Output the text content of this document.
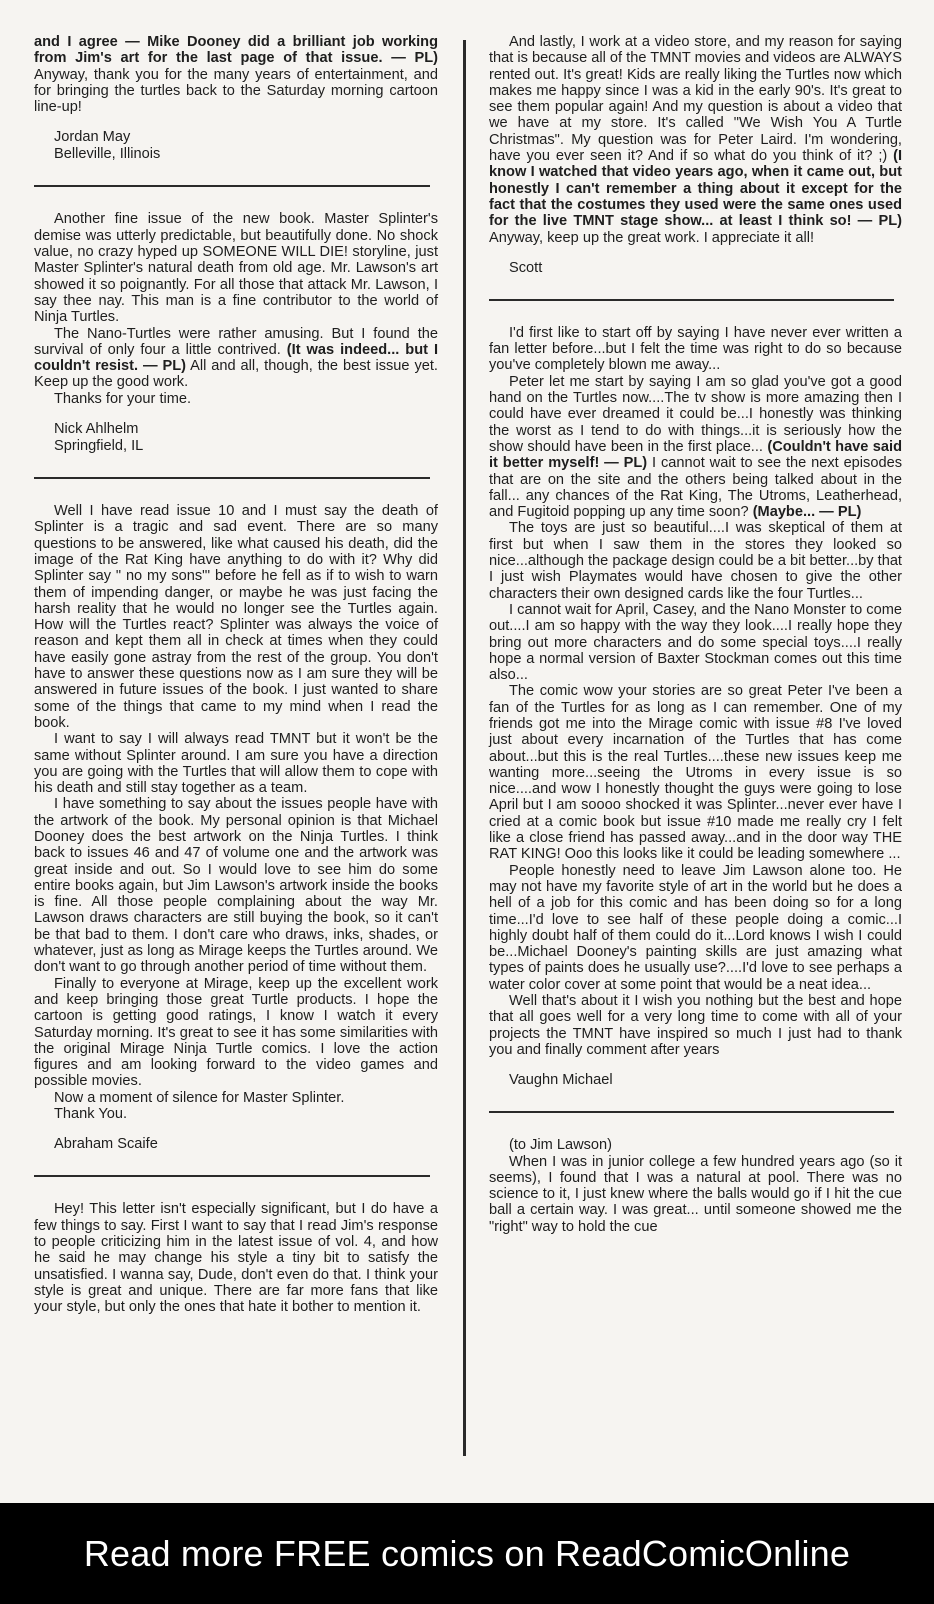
and I agree — Mike Dooney did a brilliant job working from Jim's art for the last page of that issue. — PL) Anyway, thank you for the many years of entertainment, and for bringing the turtles back to the Saturday morning cartoon line-up!

Jordan May
Belleville, Illinois

Another fine issue of the new book. Master Splinter's demise was utterly predictable, but beautifully done. No shock value, no crazy hyped up SOMEONE WILL DIE! storyline, just Master Splinter's natural death from old age. Mr. Lawson's art showed it so poignantly. For all those that attack Mr. Lawson, I say thee nay. This man is a fine contributor to the world of Ninja Turtles.

The Nano-Turtles were rather amusing. But I found the survival of only four a little contrived. (It was indeed... but I couldn't resist. — PL) All and all, though, the best issue yet. Keep up the good work.

Thanks for your time.

Nick Ahlhelm
Springfield, IL

Well I have read issue 10 and I must say the death of Splinter is a tragic and sad event. There are so many questions to be answered, like what caused his death, did the image of the Rat King have anything to do with it? Why did Splinter say " no my sons"' before he fell as if to wish to warn them of impending danger, or maybe he was just facing the harsh reality that he would no longer see the Turtles again. How will the Turtles react? Splinter was always the voice of reason and kept them all in check at times when they could have easily gone astray from the rest of the group. You don't have to answer these questions now as I am sure they will be answered in future issues of the book. I just wanted to share some of the things that came to my mind when I read the book.

I want to say I will always read TMNT but it won't be the same without Splinter around. I am sure you have a direction you are going with the Turtles that will allow them to cope with his death and still stay together as a team.

I have something to say about the issues people have with the artwork of the book. My personal opinion is that Michael Dooney does the best artwork on the Ninja Turtles. I think back to issues 46 and 47 of volume one and the artwork was great inside and out. So I would love to see him do some entire books again, but Jim Lawson's artwork inside the books is fine. All those people complaining about the way Mr. Lawson draws characters are still buying the book, so it can't be that bad to them. I don't care who draws, inks, shades, or whatever, just as long as Mirage keeps the Turtles around. We don't want to go through another period of time without them.

Finally to everyone at Mirage, keep up the excellent work and keep bringing those great Turtle products. I hope the cartoon is getting good ratings, I know I watch it every Saturday morning. It's great to see it has some similarities with the original Mirage Ninja Turtle comics. I love the action figures and am looking forward to the video games and possible movies.

Now a moment of silence for Master Splinter.

Thank You.

Abraham Scaife

Hey! This letter isn't especially significant, but I do have a few things to say. First I want to say that I read Jim's response to people criticizing him in the latest issue of vol. 4, and how he said he may change his style a tiny bit to satisfy the unsatisfied. I wanna say, Dude, don't even do that. I think your style is great and unique. There are far more fans that like your style, but only the ones that hate it bother to mention it.

And lastly, I work at a video store, and my reason for saying that is because all of the TMNT movies and videos are ALWAYS rented out. It's great! Kids are really liking the Turtles now which makes me happy since I was a kid in the early 90's. It's great to see them popular again! And my question is about a video that we have at my store. It's called "We Wish You A Turtle Christmas". My question was for Peter Laird. I'm wondering, have you ever seen it? And if so what do you think of it? ;) (I know I watched that video years ago, when it came out, but honestly I can't remember a thing about it except for the fact that the costumes they used were the same ones used for the live TMNT stage show... at least I think so! — PL) Anyway, keep up the great work. I appreciate it all!

Scott

I'd first like to start off by saying I have never ever written a fan letter before...but I felt the time was right to do so because you've completely blown me away...

Peter let me start by saying I am so glad you've got a good hand on the Turtles now....The tv show is more amazing then I could have ever dreamed it could be...I honestly was thinking the worst as I tend to do with things...it is seriously how the show should have been in the first place... (Couldn't have said it better myself! — PL) I cannot wait to see the next episodes that are on the site and the others being talked about in the fall... any chances of the Rat King, The Utroms, Leatherhead, and Fugitoid popping up any time soon? (Maybe... — PL)

The toys are just so beautiful....I was skeptical of them at first but when I saw them in the stores they looked so nice...although the package design could be a bit better...by that I just wish Playmates would have chosen to give the other characters their own designed cards like the four Turtles...

I cannot wait for April, Casey, and the Nano Monster to come out....I am so happy with the way they look....I really hope they bring out more characters and do some special toys....I really hope a normal version of Baxter Stockman comes out this time also...

The comic wow your stories are so great Peter I've been a fan of the Turtles for as long as I can remember. One of my friends got me into the Mirage comic with issue #8 I've loved just about every incarnation of the Turtles that has come about...but this is the real Turtles....these new issues keep me wanting more...seeing the Utroms in every issue is so nice....and wow I honestly thought the guys were going to lose April but I am soooo shocked it was Splinter...never ever have I cried at a comic book but issue #10 made me really cry I felt like a close friend has passed away...and in the door way THE RAT KING! Ooo this looks like it could be leading somewhere ...

People honestly need to leave Jim Lawson alone too. He may not have my favorite style of art in the world but he does a hell of a job for this comic and has been doing so for a long time...I'd love to see half of these people doing a comic...I highly doubt half of them could do it...Lord knows I wish I could be...Michael Dooney's painting skills are just amazing what types of paints does he usually use?....I'd love to see perhaps a water color cover at some point that would be a neat idea...

Well that's about it I wish you nothing but the best and hope that all goes well for a very long time to come with all of your projects the TMNT have inspired so much I just had to thank you and finally comment after years

Vaughn Michael

(to Jim Lawson)

When I was in junior college a few hundred years ago (so it seems), I found that I was a natural at pool. There was no science to it, I just knew where the balls would go if I hit the cue ball a certain way. I was great... until someone showed me the "right" way to hold the cue

Read more FREE comics on ReadComicOnline
